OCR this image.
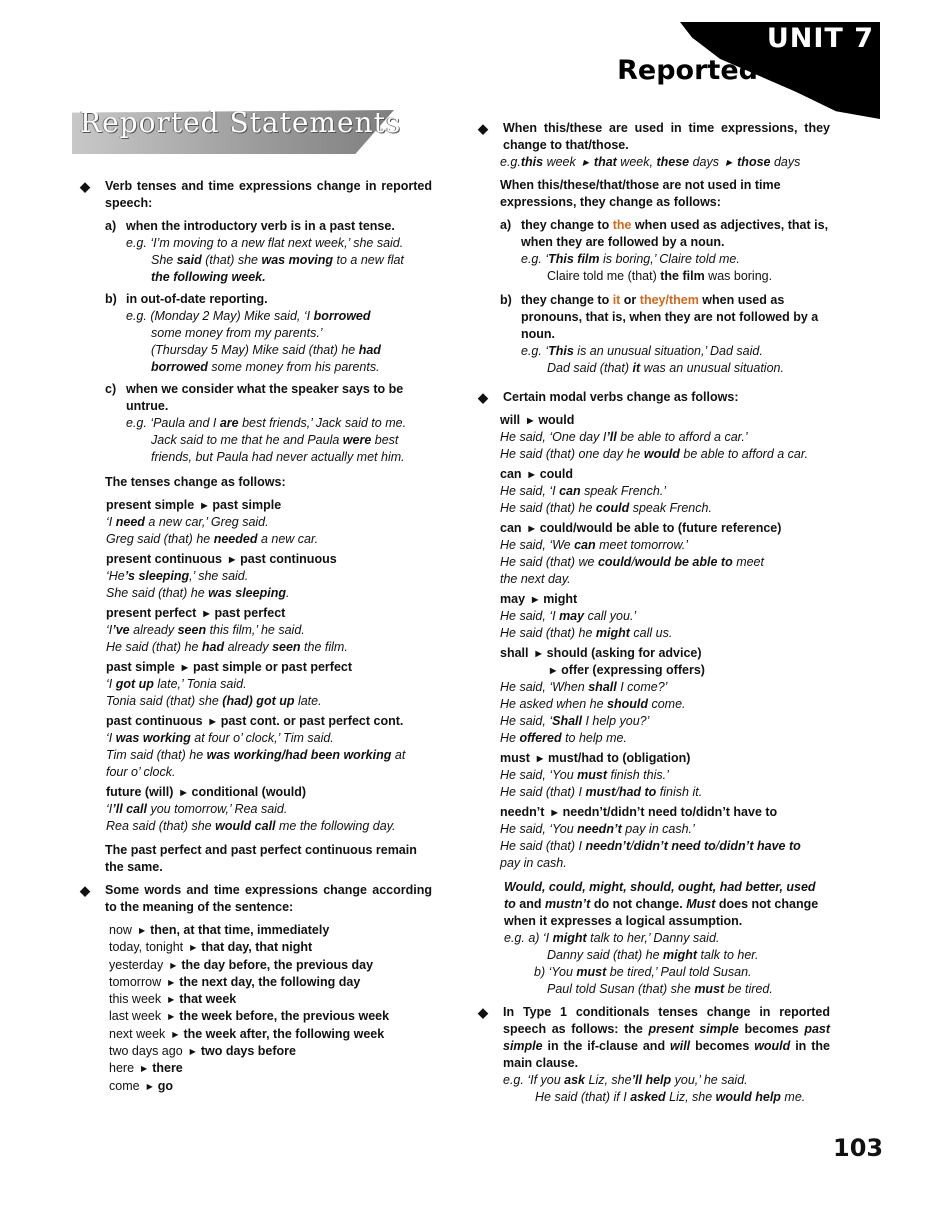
UNIT 7
Reported Speech
Reported Statements
◆ Verb tenses and time expressions change in reported speech:
a) when the introductory verb is in a past tense.
e.g. ‘I’m moving to a new flat next week,’ she said.
She said (that) she was moving to a new flat
the following week.
b) in out-of-date reporting.
e.g. (Monday 2 May) Mike said, ‘I borrowed
some money from my parents.’
(Thursday 5 May) Mike said (that) he had
borrowed some money from his parents.
c) when we consider what the speaker says to be untrue.
e.g. ‘Paula and I are best friends,’ Jack said to me.
Jack said to me that he and Paula were best
friends, but Paula had never actually met him.
The tenses change as follows:
present simple ▶ past simple
‘I need a new car,’ Greg said.
Greg said (that) he needed a new car.
present continuous ▶ past continuous
‘He’s sleeping,’ she said.
She said (that) he was sleeping.
present perfect ▶ past perfect
‘I’ve already seen this film,’ he said.
He said (that) he had already seen the film.
past simple ▶ past simple or past perfect
‘I got up late,’ Tonia said.
Tonia said (that) she (had) got up late.
past continuous ▶ past cont. or past perfect cont.
‘I was working at four o’ clock,’ Tim said.
Tim said (that) he was working/had been working at
four o’ clock.
future (will) ▶ conditional (would)
‘I’ll call you tomorrow,’ Rea said.
Rea said (that) she would call me the following day.
The past perfect and past perfect continuous remain the same.
◆ Some words and time expressions change according to the meaning of the sentence:
now ▶ then, at that time, immediately
today, tonight ▶ that day, that night
yesterday ▶ the day before, the previous day
tomorrow ▶ the next day, the following day
this week ▶ that week
last week ▶ the week before, the previous week
next week ▶ the week after, the following week
two days ago ▶ two days before
here ▶ there
come ▶ go
◆ When this/these are used in time expressions, they change to that/those.
e.g.this week ▶ that week, these days ▶ those days
When this/these/that/those are not used in time expressions, they change as follows:
a) they change to the when used as adjectives, that is, when they are followed by a noun.
e.g. ‘This film is boring,’ Claire told me.
Claire told me (that) the film was boring.
b) they change to it or they/them when used as pronouns, that is, when they are not followed by a noun.
e.g. ‘This is an unusual situation,’ Dad said.
Dad said (that) it was an unusual situation.
◆ Certain modal verbs change as follows:
will ▶ would
He said, ‘One day I’ll be able to afford a car.’
He said (that) one day he would be able to afford a car.
can ▶ could
He said, ‘I can speak French.’
He said (that) he could speak French.
can ▶ could/would be able to (future reference)
He said, ‘We can meet tomorrow.’
He said (that) we could/would be able to meet
the next day.
may ▶ might
He said, ‘I may call you.’
He said (that) he might call us.
shall ▶ should (asking for advice)
▶ offer (expressing offers)
He said, ‘When shall I come?’
He asked when he should come.
He said, ‘Shall I help you?’
He offered to help me.
must ▶ must/had to (obligation)
He said, ‘You must finish this.’
He said (that) I must/had to finish it.
needn’t ▶ needn’t/didn’t need to/didn’t have to
He said, ‘You needn’t pay in cash.’
He said (that) I needn’t/didn’t need to/didn’t have to
pay in cash.
Would, could, might, should, ought, had better, used to and mustn’t do not change. Must does not change when it expresses a logical assumption.
e.g. a) ‘I might talk to her,’ Danny said.
Danny said (that) he might talk to her.
b) ‘You must be tired,’ Paul told Susan.
Paul told Susan (that) she must be tired.
◆ In Type 1 conditionals tenses change in reported speech as follows: the present simple becomes past simple in the if-clause and will becomes would in the main clause.
e.g. ‘If you ask Liz, she’ll help you,’ he said.
He said (that) if I asked Liz, she would help me.
103
